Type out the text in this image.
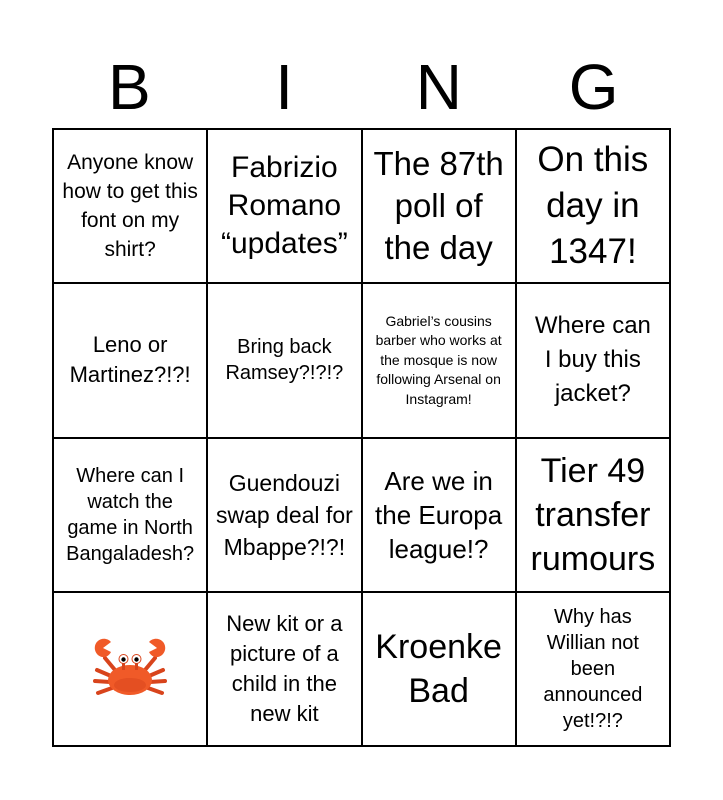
B	I	N	G
Anyone know how to get this font on my shirt?
Fabrizio Romano “updates”
The 87th poll of the day
On this day in 1347!
Leno or Martinez?!?!
Bring back Ramsey?!?!?
Gabriel’s cousins barber who works at the mosque is now following Arsenal on Instagram!
Where can I buy this jacket?
Where can I watch the game in North Bangaladesh?
Guendouzi swap deal for Mbappe?!?!
Are we in the Europa league!?
Tier 49 transfer rumours
New kit or a picture of a child in the new kit
Kroenke Bad
Why has Willian not been announced yet!?!?
